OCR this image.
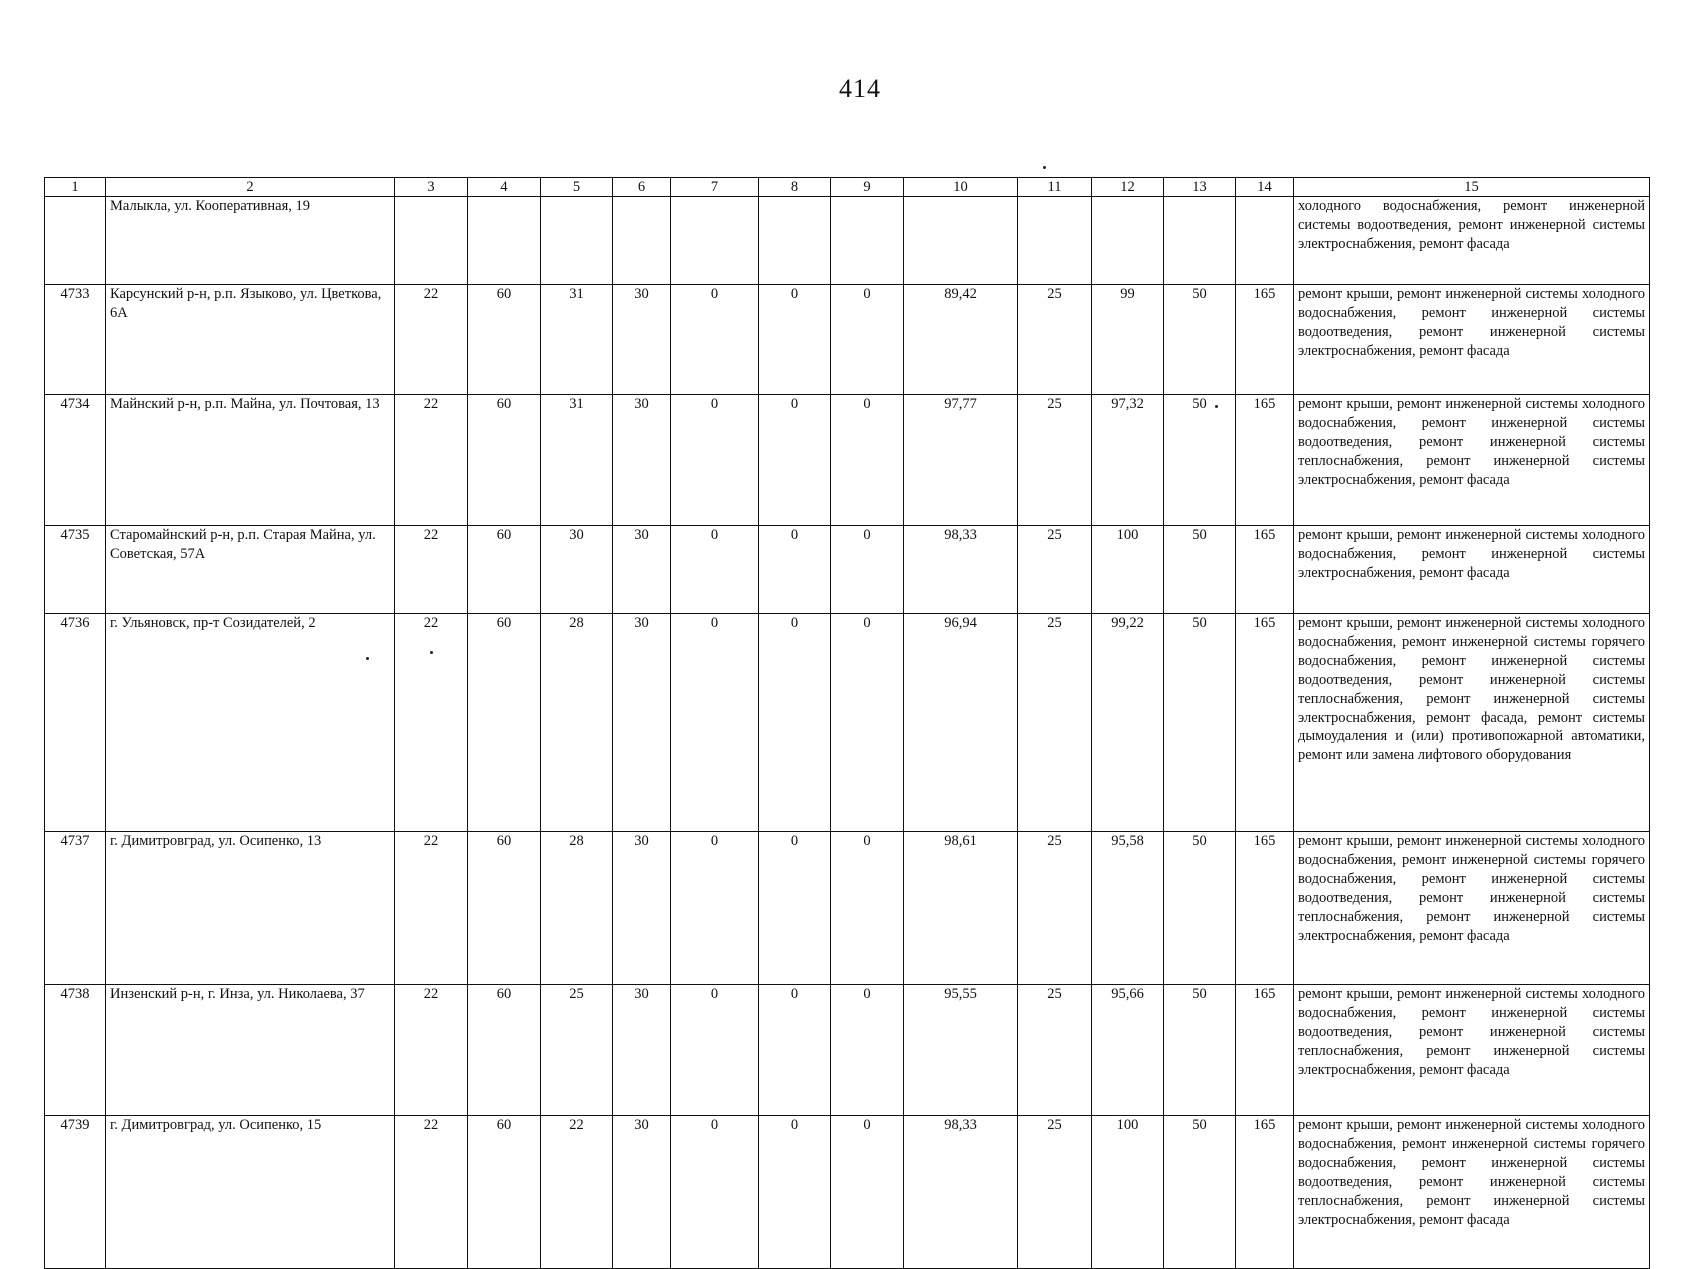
414
1	2	3	4	5	6	7	8	9	10	11	12	13	14	15
	Малыкла, ул. Кооперативная, 19													холодного водоснабжения, ремонт инженерной системы водоотведения, ремонт инженерной системы электроснабжения, ремонт фасада
4733	Карсунский р-н, р.п. Языково, ул. Цветкова, 6А	22	60	31	30	0	0	0	89,42	25	99	50	165	ремонт крыши, ремонт инженерной системы холодного водоснабжения, ремонт инженерной системы водоотведения, ремонт инженерной системы электроснабжения, ремонт фасада
4734	Майнский р-н, р.п. Майна, ул. Почтовая, 13	22	60	31	30	0	0	0	97,77	25	97,32	50	165	ремонт крыши, ремонт инженерной системы холодного водоснабжения, ремонт инженерной системы водоотведения, ремонт инженерной системы теплоснабжения, ремонт инженерной системы электроснабжения, ремонт фасада
4735	Старомайнский р-н, р.п. Старая Майна, ул. Советская, 57А	22	60	30	30	0	0	0	98,33	25	100	50	165	ремонт крыши, ремонт инженерной системы холодного водоснабжения, ремонт инженерной системы электроснабжения, ремонт фасада
4736	г. Ульяновск, пр-т Созидателей, 2	22	60	28	30	0	0	0	96,94	25	99,22	50	165	ремонт крыши, ремонт инженерной системы холодного водоснабжения, ремонт инженерной системы горячего водоснабжения, ремонт инженерной системы водоотведения, ремонт инженерной системы теплоснабжения, ремонт инженерной системы электроснабжения, ремонт фасада, ремонт системы дымоудаления и (или) противопожарной автоматики, ремонт или замена лифтового оборудования
4737	г. Димитровград, ул. Осипенко, 13	22	60	28	30	0	0	0	98,61	25	95,58	50	165	ремонт крыши, ремонт инженерной системы холодного водоснабжения, ремонт инженерной системы горячего водоснабжения, ремонт инженерной системы водоотведения, ремонт инженерной системы теплоснабжения, ремонт инженерной системы электроснабжения, ремонт фасада
4738	Инзенский р-н, г. Инза, ул. Николаева, 37	22	60	25	30	0	0	0	95,55	25	95,66	50	165	ремонт крыши, ремонт инженерной системы холодного водоснабжения, ремонт инженерной системы водоотведения, ремонт инженерной системы теплоснабжения, ремонт инженерной системы электроснабжения, ремонт фасада
4739	г. Димитровград, ул. Осипенко, 15	22	60	22	30	0	0	0	98,33	25	100	50	165	ремонт крыши, ремонт инженерной системы холодного водоснабжения, ремонт инженерной системы горячего водоснабжения, ремонт инженерной системы водоотведения, ремонт инженерной системы теплоснабжения, ремонт инженерной системы электроснабжения, ремонт фасада
